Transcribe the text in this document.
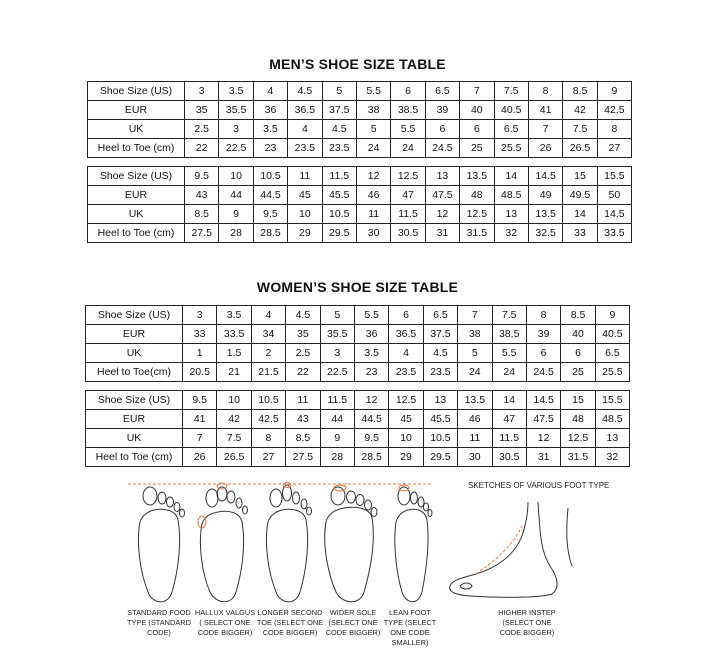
MEN’S SHOE SIZE TABLE
Shoe Size (US)	3	3.5	4	4.5	5	5.5	6	6.5	7	7.5	8	8.5	9
EUR	35	35.5	36	36.5	37.5	38	38.5	39	40	40.5	41	42	42.5
UK	2.5	3	3.5	4	4.5	5	5.5	6	6	6.5	7	7.5	8
Heel to Toe (cm)	22	22.5	23	23.5	23.5	24	24	24.5	25	25.5	26	26.5	27
Shoe Size (US)	9.5	10	10.5	11	11.5	12	12.5	13	13.5	14	14.5	15	15.5
EUR	43	44	44.5	45	45.5	46	47	47.5	48	48.5	49	49.5	50
UK	8.5	9	9.5	10	10.5	11	11.5	12	12.5	13	13.5	14	14.5
Heel to Toe (cm)	27.5	28	28.5	29	29.5	30	30.5	31	31.5	32	32.5	33	33.5
WOMEN’S SHOE SIZE TABLE
Shoe Size (US)	3	3.5	4	4.5	5	5.5	6	6.5	7	7.5	8	8.5	9
EUR	33	33.5	34	35	35.5	36	36.5	37.5	38	38.5	39	40	40.5
UK	1	1.5	2	2.5	3	3.5	4	4.5	5	5.5	6	6	6.5
Heel to Toe(cm)	20.5	21	21.5	22	22.5	23	23.5	23.5	24	24	24.5	25	25.5
Shoe Size (US)	9.5	10	10.5	11	11.5	12	12.5	13	13.5	14	14.5	15	15.5
EUR	41	42	42.5	43	44	44.5	45	45.5	46	47	47.5	48	48.5
UK	7	7.5	8	8.5	9	9.5	10	10.5	11	11.5	12	12.5	13
Heel to Toe (cm)	26	26.5	27	27.5	28	28.5	29	29.5	30	30.5	31	31.5	32
SKETCHES OF VARIOUS FOOT TYPE
STANDARD FOOD
TYPE (STANDARD
CODE)
HALLUX VALGUS
( SELECT ONE
CODE BIGGER)
LONGER SECOND
TOE (SELECT ONE
CODE BIGGER)
WIDER SOLE
(SELECT ONE
CODE BIGGER)
LEAN FOOT
TYPE (SELECT
ONE CODE
SMALLER)
HIGHER INSTEP
(SELECT ONE
CODE BIGGER)
